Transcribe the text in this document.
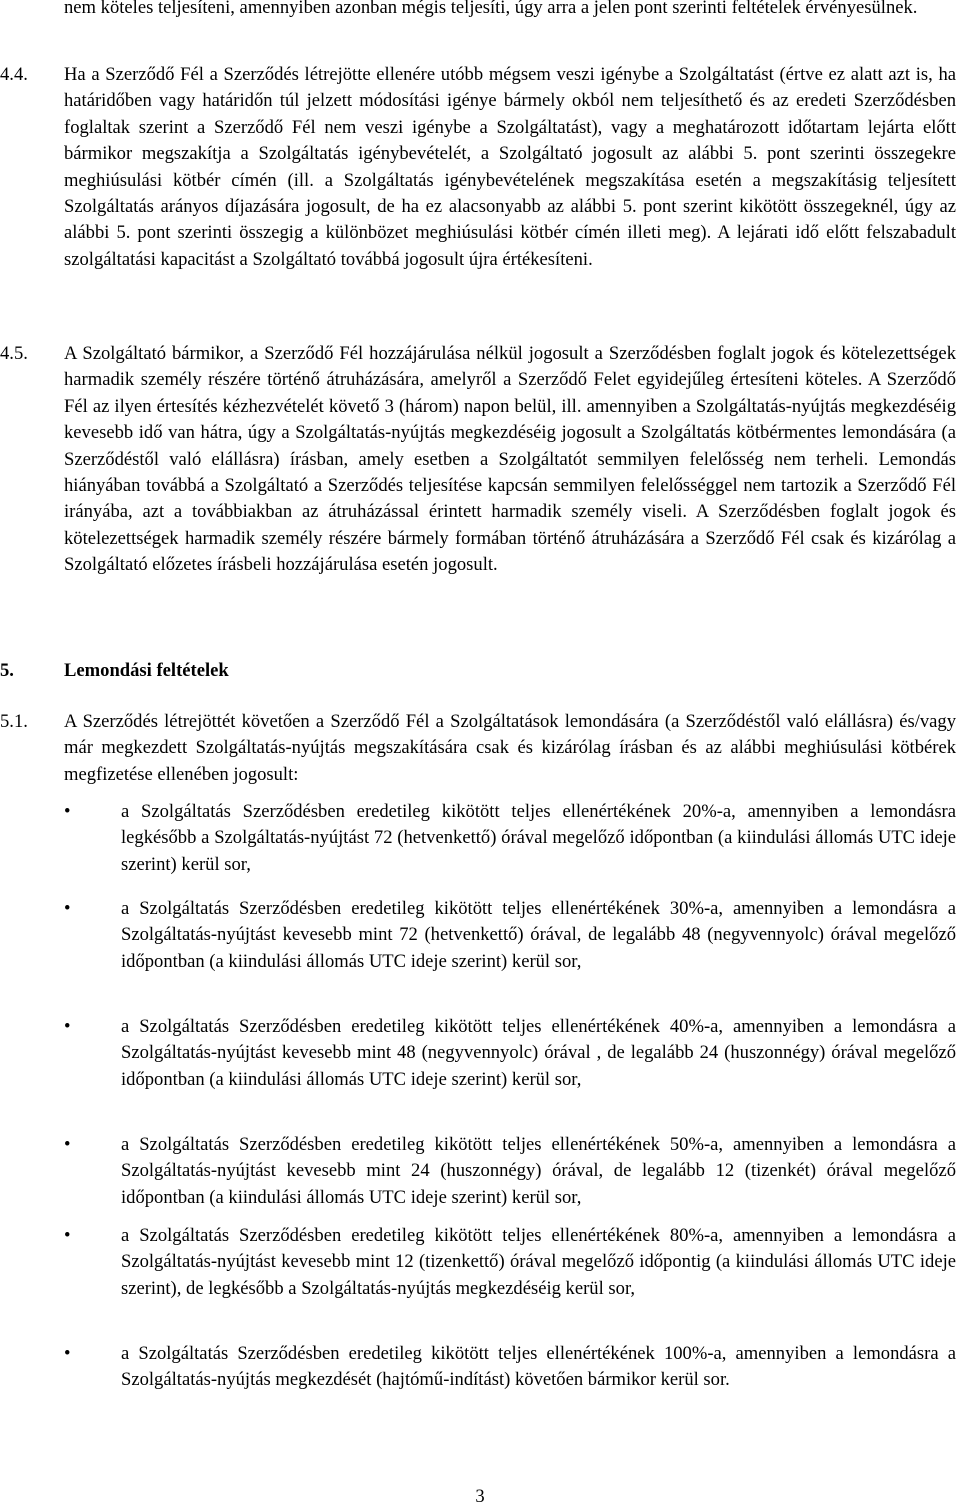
nem köteles teljesíteni, amennyiben azonban mégis teljesíti, úgy arra a jelen pont szerinti feltételek érvényesülnek.

4.4. Ha a Szerződő Fél a Szerződés létrejötte ellenére utóbb mégsem veszi igénybe a Szolgáltatást (értve ez alatt azt is, ha határidőben vagy határidőn túl jelzett módosítási igénye bármely okból nem teljesíthető és az eredeti Szerződésben foglaltak szerint a Szerződő Fél nem veszi igénybe a Szolgáltatást), vagy a meghatározott időtartam lejárta előtt bármikor megszakítja a Szolgáltatás igénybevételét, a Szolgáltató jogosult az alábbi 5. pont szerinti összegekre meghiúsulási kötbér címén (ill. a Szolgáltatás igénybevételének megszakítása esetén a megszakításig teljesített Szolgáltatás arányos díjazására jogosult, de ha ez alacsonyabb az alábbi 5. pont szerint kikötött összegeknél, úgy az alábbi 5. pont szerinti összegig a különbözet meghiúsulási kötbér címén illeti meg). A lejárati idő előtt felszabadult szolgáltatási kapacitást a Szolgáltató továbbá jogosult újra értékesíteni.
4.5. A Szolgáltató bármikor, a Szerződő Fél hozzájárulása nélkül jogosult a Szerződésben foglalt jogok és kötelezettségek harmadik személy részére történő átruházására, amelyről a Szerződő Felet egyidejűleg értesíteni köteles. A Szerződő Fél az ilyen értesítés kézhezvételét követő 3 (három) napon belül, ill. amennyiben a Szolgáltatás-nyújtás megkezdéséig kevesebb idő van hátra, úgy a Szolgáltatás-nyújtás megkezdéséig jogosult a Szolgáltatás kötbérmentes lemondására (a Szerződéstől való elállásra) írásban, amely esetben a Szolgáltatót semmilyen felelősség nem terheli. Lemondás hiányában továbbá a Szolgáltató a Szerződés teljesítése kapcsán semmilyen felelősséggel nem tartozik a Szerződő Fél irányába, azt a továbbiakban az átruházással érintett harmadik személy viseli. A Szerződésben foglalt jogok és kötelezettségek harmadik személy részére bármely formában történő átruházására a Szerződő Fél csak és kizárólag a Szolgáltató előzetes írásbeli hozzájárulása esetén jogosult.
5.	Lemondási feltételek
5.1. A Szerződés létrejöttét követően a Szerződő Fél a Szolgáltatások lemondására (a Szerződéstől való elállásra) és/vagy már megkezdett Szolgáltatás-nyújtás megszakítására csak és kizárólag írásban és az alábbi meghiúsulási kötbérek megfizetése ellenében jogosult:
•	a Szolgáltatás Szerződésben eredetileg kikötött teljes ellenértékének 20%-a, amennyiben a lemondásra legkésőbb a Szolgáltatás-nyújtást 72 (hetvenkettő) órával megelőző időpontban (a kiindulási állomás UTC ideje szerint) kerül sor,
•	a Szolgáltatás Szerződésben eredetileg kikötött teljes ellenértékének 30%-a, amennyiben a lemondásra a Szolgáltatás-nyújtást kevesebb mint 72 (hetvenkettő) órával, de legalább 48 (negyvennyolc) órával megelőző időpontban (a kiindulási állomás UTC ideje szerint) kerül sor,
•	a Szolgáltatás Szerződésben eredetileg kikötött teljes ellenértékének 40%-a, amennyiben a lemondásra a Szolgáltatás-nyújtást kevesebb mint 48 (negyvennyolc) órával , de legalább 24 (huszonnégy) órával megelőző időpontban (a kiindulási állomás UTC ideje szerint) kerül sor,
•	a Szolgáltatás Szerződésben eredetileg kikötött teljes ellenértékének 50%-a, amennyiben a lemondásra a Szolgáltatás-nyújtást kevesebb mint 24 (huszonnégy) órával, de legalább 12 (tizenkét) órával megelőző időpontban (a kiindulási állomás UTC ideje szerint) kerül sor,
•	a Szolgáltatás Szerződésben eredetileg kikötött teljes ellenértékének 80%-a, amennyiben a lemondásra a Szolgáltatás-nyújtást kevesebb mint 12 (tizenkettő) órával megelőző időpontig (a kiindulási állomás UTC ideje szerint), de legkésőbb a Szolgáltatás-nyújtás megkezdéséig kerül sor,
•	a Szolgáltatás Szerződésben eredetileg kikötött teljes ellenértékének 100%-a, amennyiben a lemondásra a Szolgáltatás-nyújtás megkezdését (hajtómű-indítást) követően bármikor kerül sor.
3
